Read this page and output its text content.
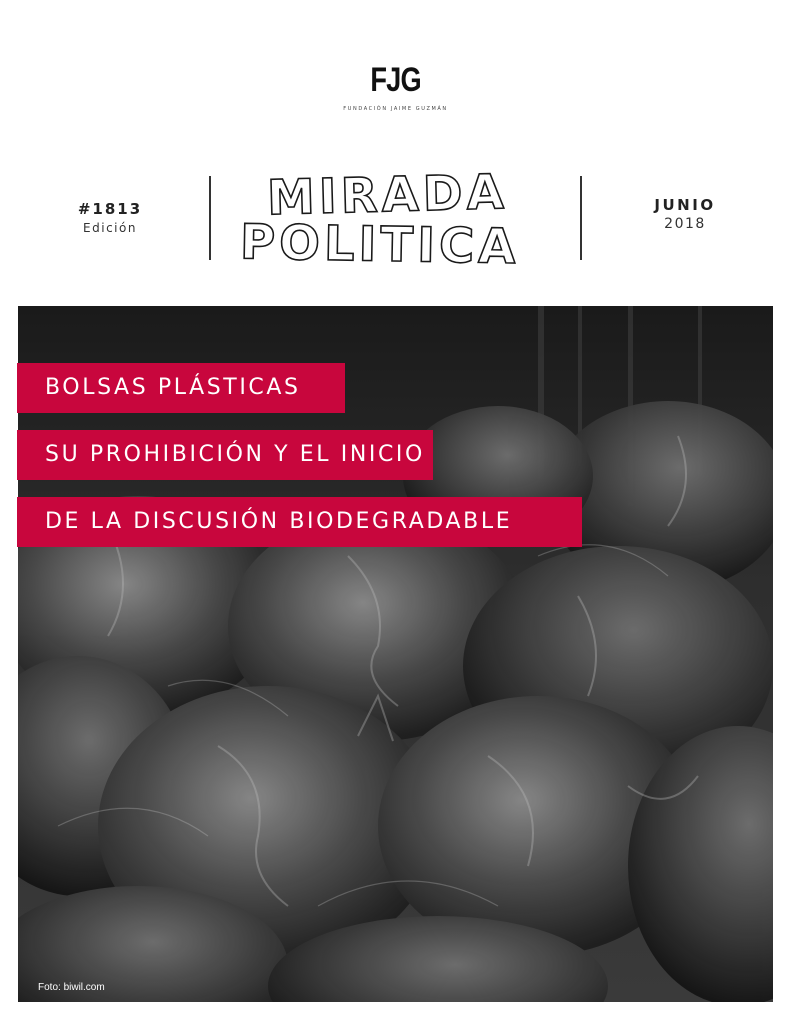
FJG
FUNDACIÓN JAIME GUZMÁN
#1813
Edición
MIRADA
POLITICA
JUNIO
2018
BOLSAS PLÁSTICAS
SU PROHIBICIÓN Y EL INICIO
DE LA DISCUSIÓN BIODEGRADABLE
Foto: biwil.com
